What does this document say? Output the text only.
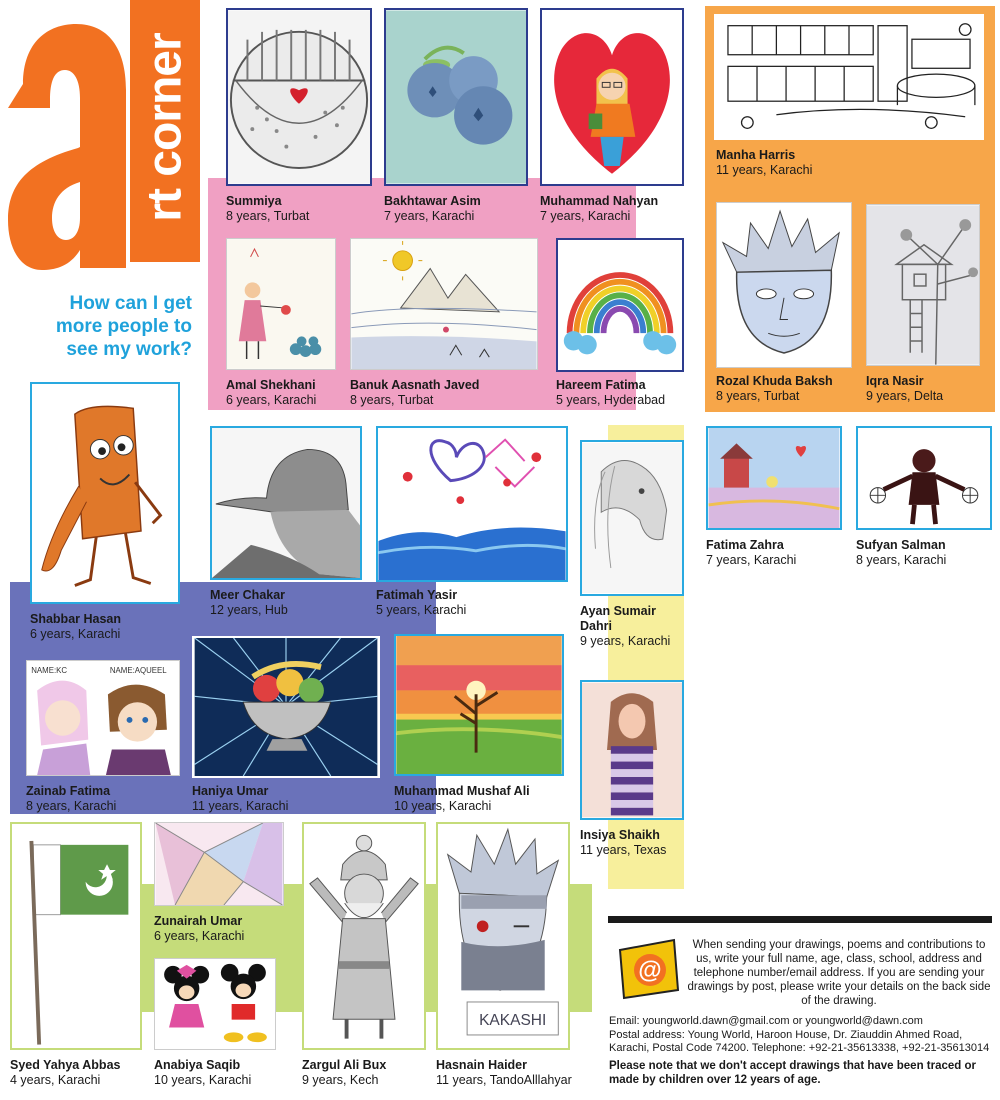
rt corner
How can I get more people to see my work?
Summiya
8 years, Turbat
Bakhtawar Asim
7 years, Karachi
Muhammad Nahyan
7 years, Karachi
Manha Harris
11 years, Karachi
Amal Shekhani
6 years, Karachi
Banuk Aasnath Javed
8 years, Turbat
Hareem Fatima
5 years, Hyderabad
Rozal Khuda Baksh
8 years, Turbat
Iqra Nasir
9 years, Delta
Shabbar Hasan
6 years, Karachi
Meer Chakar
12 years, Hub
Fatimah Yasir
5 years, Karachi	Ayan Sumair Dahri
9 years, Karachi
Fatima Zahra
7 years, Karachi
Sufyan Salman
8 years, Karachi
NAME:KC	NAME:AQUEEL
Zainab Fatima
8 years, Karachi
Haniya Umar
11 years, Karachi
Muhammad Mushaf Ali
10 years, Karachi
Insiya Shaikh
11 years, Texas
Syed Yahya Abbas
4 years, Karachi
Zunairah Umar
6 years, Karachi
Anabiya Saqib
10 years, Karachi
Zargul Ali Bux
9 years, Kech
KAKASHI
Hasnain Haider
11 years, TandoAlllahyar
@
When sending your drawings, poems and contributions to us, write your full name, age, class, school, address and telephone number/email address. If you are sending your drawings by post, please write your details on the back side of the drawing.
Email: youngworld.dawn@gmail.com or youngworld@dawn.com
Postal address: Young World, Haroon House, Dr. Ziauddin Ahmed Road, Karachi, Postal Code 74200. Telephone: +92-21-35613338, +92-21-35613014
Please note that we don't accept drawings that have been traced or made by children over 12 years of age.
